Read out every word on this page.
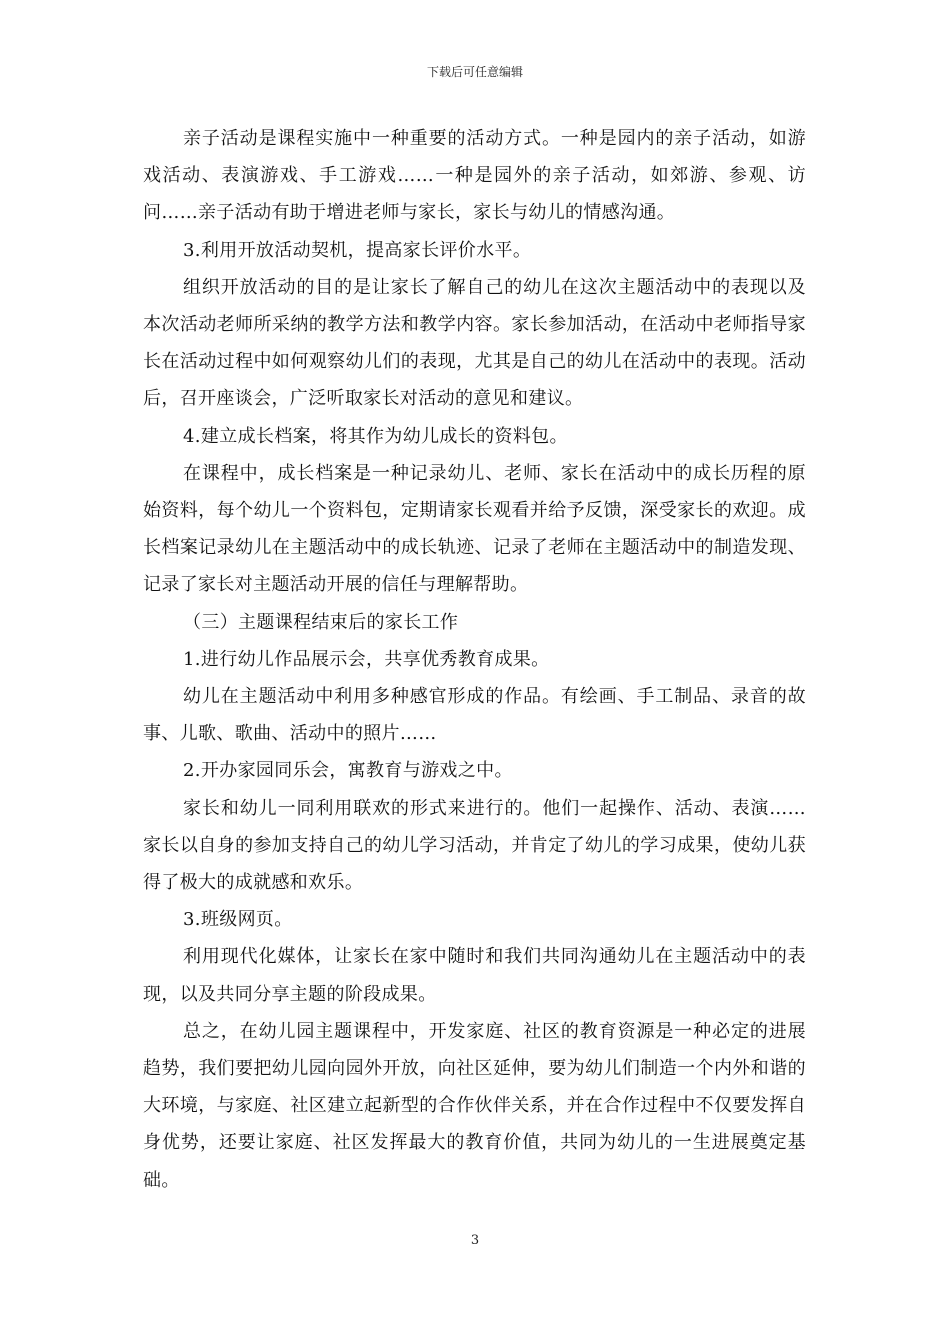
下载后可任意编辑

亲子活动是课程实施中一种重要的活动方式。一种是园内的亲子活动，如游戏活动、表演游戏、手工游戏……一种是园外的亲子活动，如郊游、参观、访问……亲子活动有助于增进老师与家长，家长与幼儿的情感沟通。

3.利用开放活动契机，提高家长评价水平。

组织开放活动的目的是让家长了解自己的幼儿在这次主题活动中的表现以及本次活动老师所采纳的教学方法和教学内容。家长参加活动，在活动中老师指导家长在活动过程中如何观察幼儿们的表现，尤其是自己的幼儿在活动中的表现。活动后，召开座谈会，广泛听取家长对活动的意见和建议。

4.建立成长档案，将其作为幼儿成长的资料包。

在课程中，成长档案是一种记录幼儿、老师、家长在活动中的成长历程的原始资料，每个幼儿一个资料包，定期请家长观看并给予反馈，深受家长的欢迎。成长档案记录幼儿在主题活动中的成长轨迹、记录了老师在主题活动中的制造发现、记录了家长对主题活动开展的信任与理解帮助。

（三）主题课程结束后的家长工作

1.进行幼儿作品展示会，共享优秀教育成果。

幼儿在主题活动中利用多种感官形成的作品。有绘画、手工制品、录音的故事、儿歌、歌曲、活动中的照片……

2.开办家园同乐会，寓教育与游戏之中。

家长和幼儿一同利用联欢的形式来进行的。他们一起操作、活动、表演……家长以自身的参加支持自己的幼儿学习活动，并肯定了幼儿的学习成果，使幼儿获得了极大的成就感和欢乐。

3.班级网页。

利用现代化媒体，让家长在家中随时和我们共同沟通幼儿在主题活动中的表现，以及共同分享主题的阶段成果。

总之，在幼儿园主题课程中，开发家庭、社区的教育资源是一种必定的进展趋势，我们要把幼儿园向园外开放，向社区延伸，要为幼儿们制造一个内外和谐的大环境，与家庭、社区建立起新型的合作伙伴关系，并在合作过程中不仅要发挥自身优势，还要让家庭、社区发挥最大的教育价值，共同为幼儿的一生进展奠定基础。

3
